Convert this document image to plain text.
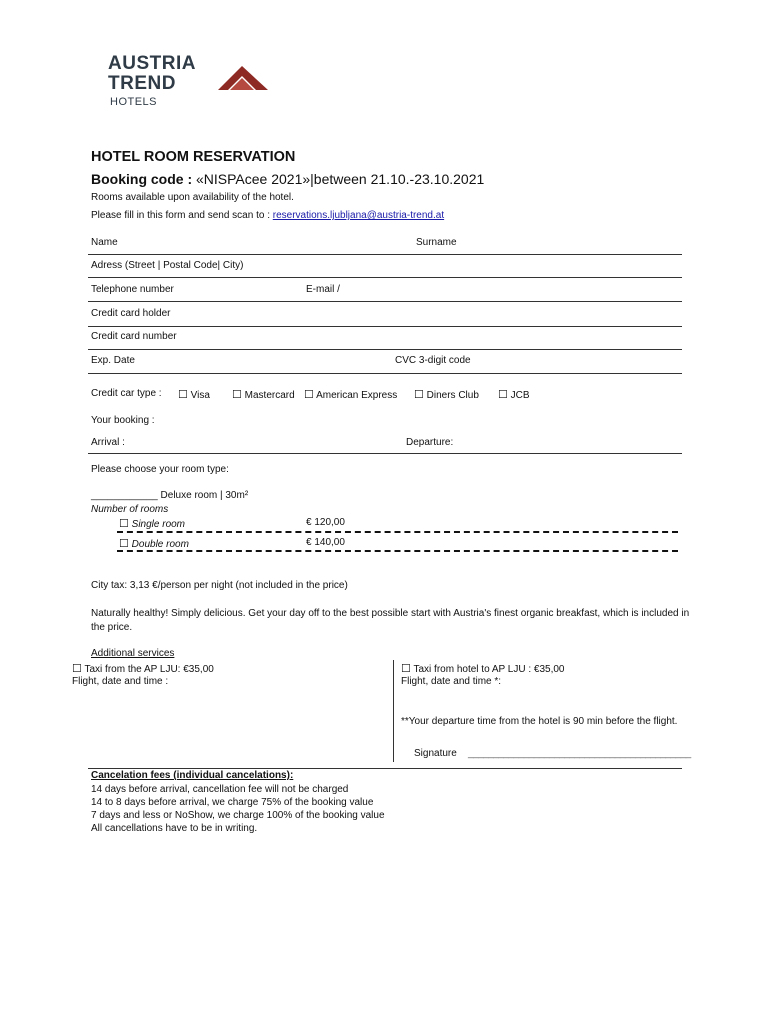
AUSTRIA
TREND
HOTELS
HOTEL ROOM RESERVATION
Booking code : «NISPAcee 2021»|between 21.10.-23.10.2021
Rooms available upon availability of the hotel.
Please fill in this form and send scan to : reservations.ljubljana@austria-trend.at
Name	Surname
Adress (Street | Postal Code| City)
Telephone number	E-mail /
Credit card holder
Credit card number
Exp. Date	CVC 3-digit code
Credit car type : ☐ Visa ☐ Mastercard ☐ American Express ☐ Diners Club ☐ JCB
Your booking :
Arrival :	Departure:
Please choose your room type:
____________ Deluxe room | 30m²
Number of rooms
☐ Single room	€ 120,00
☐ Double room	€ 140,00
City tax: 3,13 €/person per night (not included in the price)
Naturally healthy! Simply delicious. Get your day off to the best possible start with Austria's finest organic breakfast, which is included in the price.
Additional services
☐ Taxi from the AP LJU: €35,00
Flight, date and time :
☐ Taxi from hotel to AP LJU : €35,00
Flight, date and time *:
**Your departure time from the hotel is 90 min before the flight.
Signature ____________________________________________
Cancelation fees (individual cancelations):
14 days before arrival, cancellation fee will not be charged
14 to 8 days before arrival, we charge 75% of the booking value
7 days and less or NoShow, we charge 100% of the booking value
All cancellations have to be in writing.
